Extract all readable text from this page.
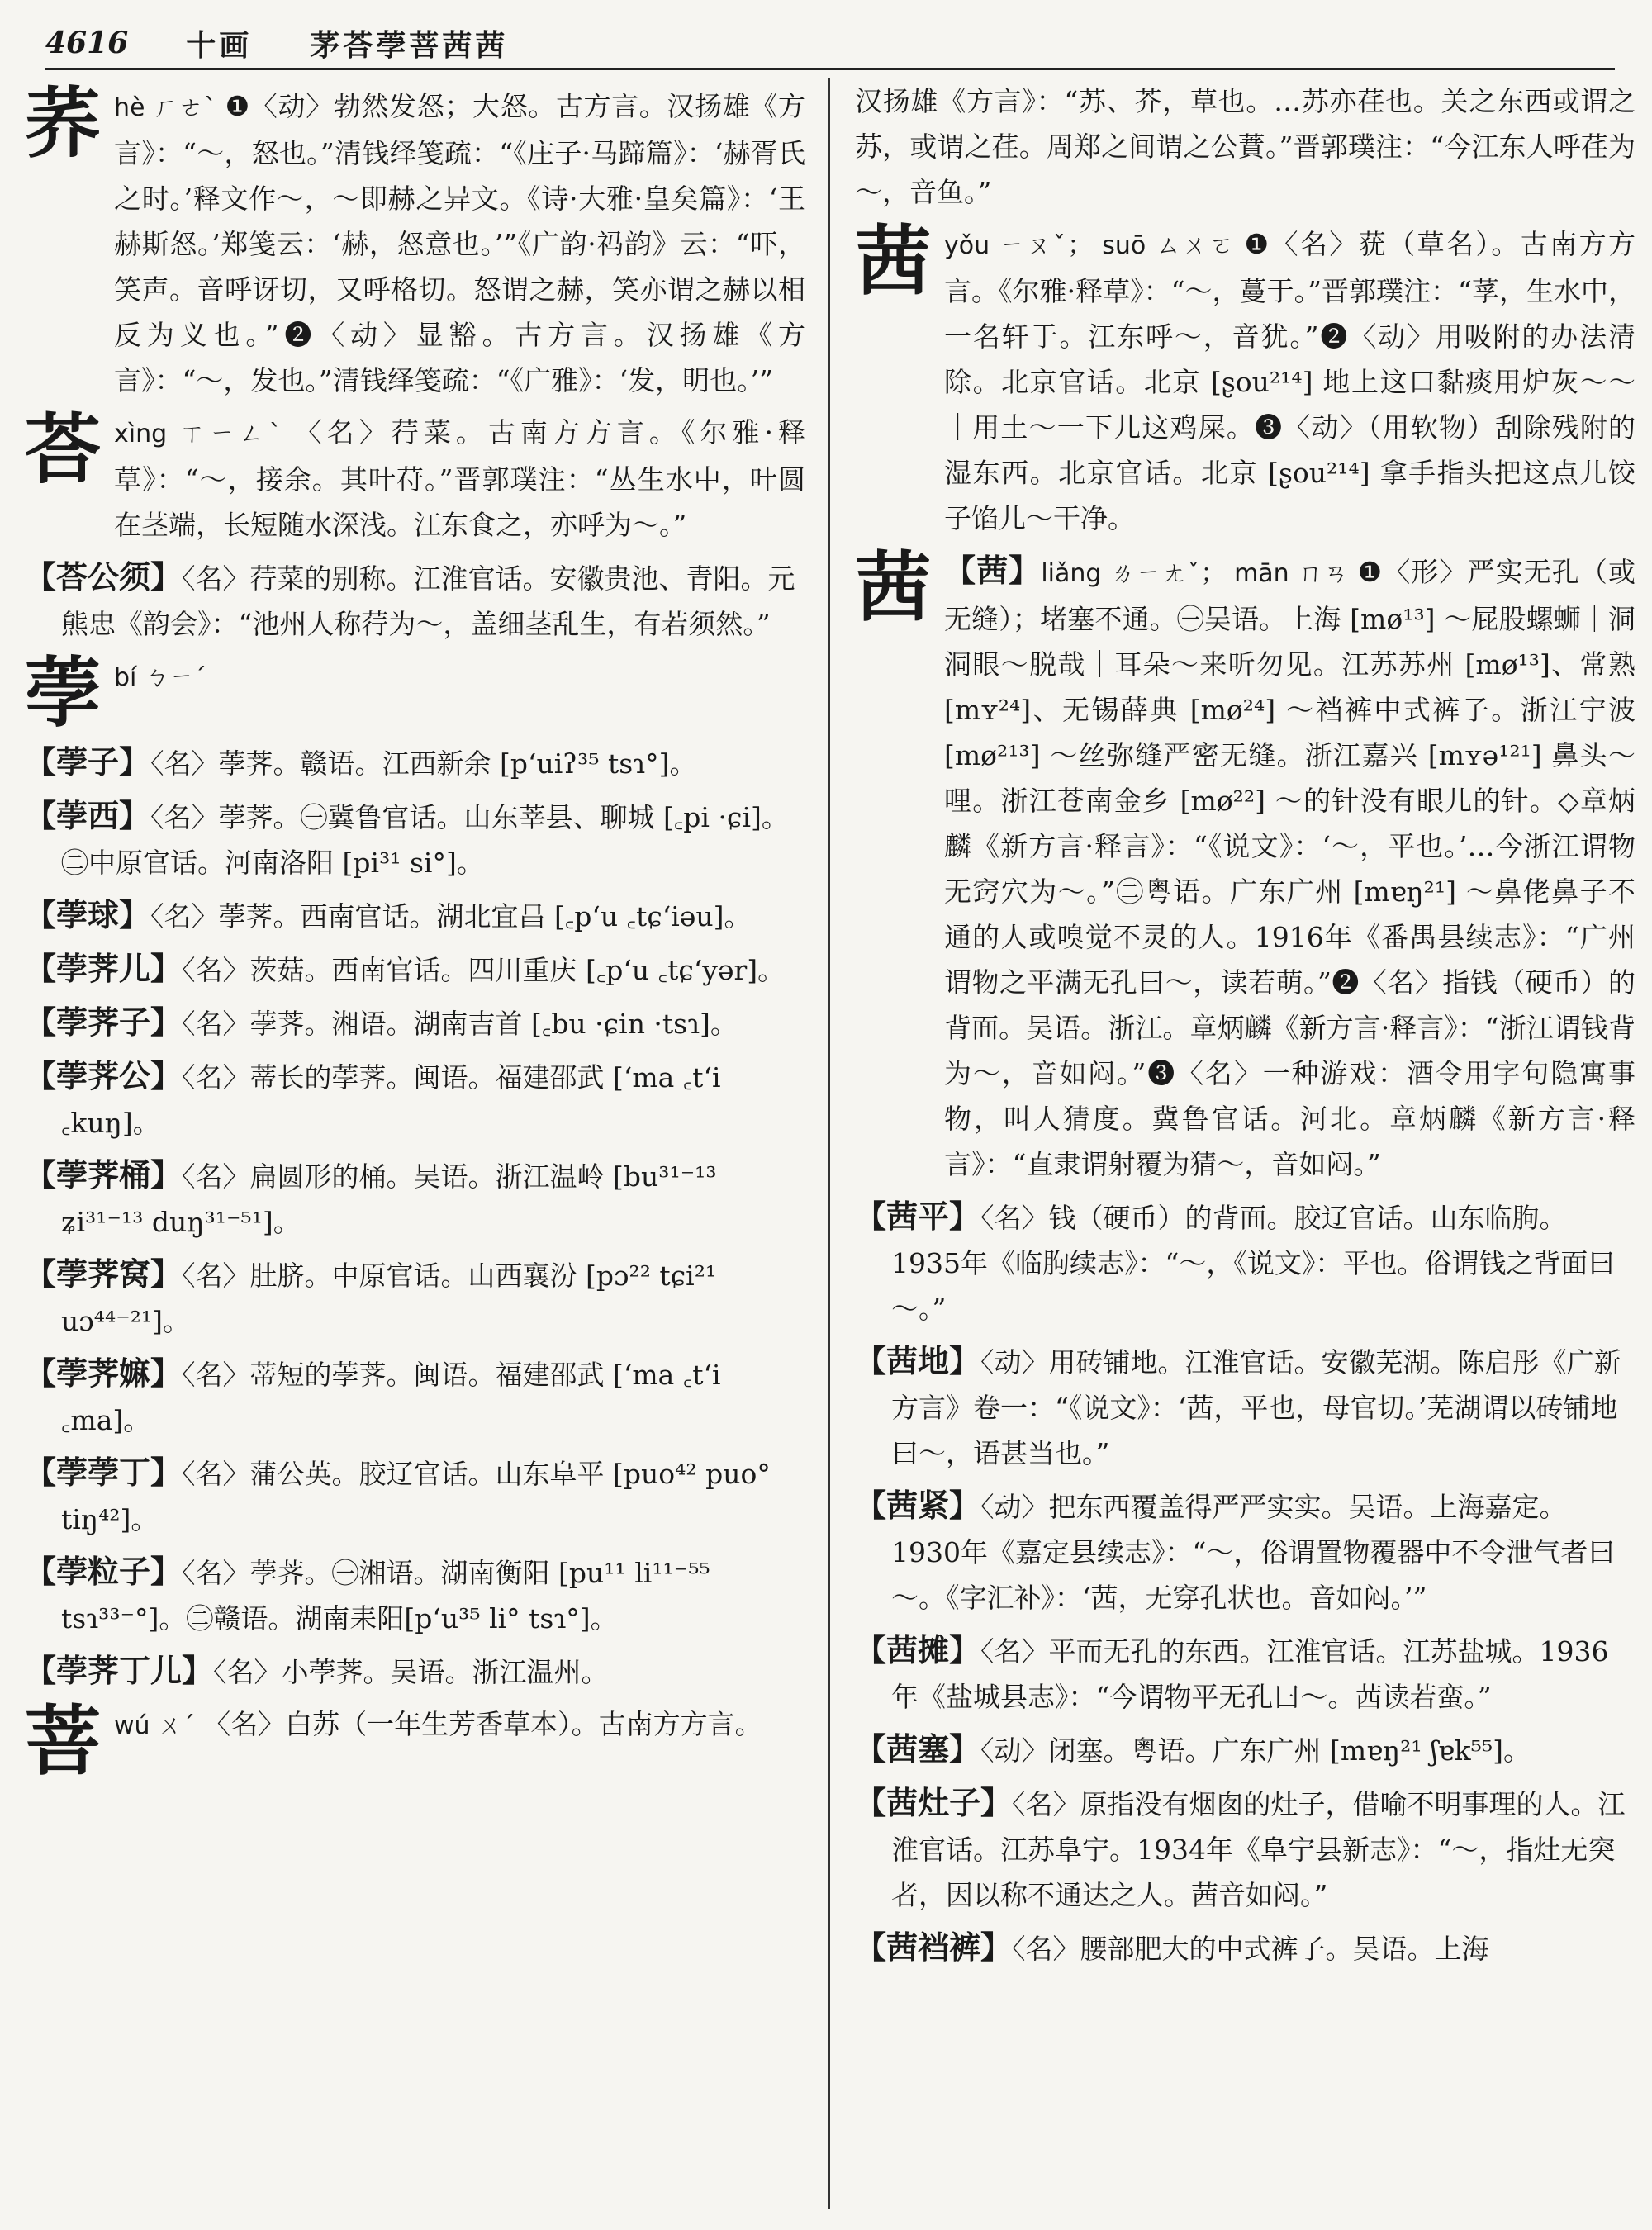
4616 十画 茅荅荸菩茜茜
荞 hè ㄏㄜˋ ❶〈动〉勃然发怒；大怒。古方言。汉扬雄《方言》：“～，怒也。”清钱绎笺疏：“《庄子·马蹄篇》：‘赫胥氏之时。’释文作～，～即赫之异文。《诗·大雅·皇矣篇》：‘王赫斯怒。’郑笺云：‘赫，怒意也。’”《广韵·祃韵》云：“吓，笑声。音呼讶切，又呼格切。怒谓之赫，笑亦谓之赫以相反为义也。”❷〈动〉显豁。古方言。汉扬雄《方言》：“～，发也。”清钱绎笺疏：“《广雅》：‘发，明也。’”
荅 xìng ㄒㄧㄥˋ 〈名〉荇菜。古南方方言。《尔雅·释草》：“～，接余。其叶苻。”晋郭璞注：“丛生水中，叶圆在茎端，长短随水深浅。江东食之，亦呼为～。”
【荅公须】〈名〉荇菜的别称。江淮官话。安徽贵池、青阳。元熊忠《韵会》：“池州人称荇为～，盖细茎乱生，有若须然。”
荸 bí ㄅㄧˊ
【荸子】〈名〉荸荠。赣语。江西新余 [p‘uiʔ³⁵ tsɿ°]。
【荸西】〈名〉荸荠。㊀冀鲁官话。山东莘县、聊城 [꜀pi ·ɕi]。㊁中原官话。河南洛阳 [pi³¹ si°]。
【荸球】〈名〉荸荠。西南官话。湖北宜昌 [꜀p‘u ꜀tɕ‘iəu]。
【荸荠儿】〈名〉茨菇。西南官话。四川重庆 [꜀p‘u ꜀tɕ‘yər]。
【荸荠子】〈名〉荸荠。湘语。湖南吉首 [꜀bu ·ɕin ·tsɿ]。
【荸荠公】〈名〉蒂长的荸荠。闽语。福建邵武 [‘ma ꜀t‘i ꜀kuŋ]。
【荸荠桶】〈名〉扁圆形的桶。吴语。浙江温岭 [bu³¹⁻¹³ ʑi³¹⁻¹³ duŋ³¹⁻⁵¹]。
【荸荠窝】〈名〉肚脐。中原官话。山西襄汾 [pɔ²² tɕi²¹ uɔ⁴⁴⁻²¹]。
【荸荠嫲】〈名〉蒂短的荸荠。闽语。福建邵武 [‘ma ꜀t‘i ꜀ma]。
【荸荸丁】〈名〉蒲公英。胶辽官话。山东阜平 [puo⁴² puo° tiŋ⁴²]。
【荸粒子】〈名〉荸荠。㊀湘语。湖南衡阳 [pu¹¹ li¹¹⁻⁵⁵ tsɿ³³⁻°]。㊁赣语。湖南耒阳[p‘u³⁵ li° tsɿ°]。
【荸荠丁儿】〈名〉小荸荠。吴语。浙江温州。
菩 wú ㄨˊ 〈名〉白苏（一年生芳香草本）。古南方方言。
汉扬雄《方言》：“苏、芥，草也。…苏亦荏也。关之东西或谓之苏，或谓之荏。周郑之间谓之公蕡。”晋郭璞注：“今江东人呼荏为～，音鱼。”
茜 yǒu ㄧㄡˇ； suō ㄙㄨㄛ ❶〈名〉莸（草名）。古南方方言。《尔雅·释草》：“～，蔓于。”晋郭璞注：“莩，生水中，一名轩于。江东呼～，音犹。”❷〈动〉用吸附的办法清除。北京官话。北京 [ʂou²¹⁴] 地上这口黏痰用炉灰～～｜用土～一下儿这鸡屎。❸〈动〉（用软物）刮除残附的湿东西。北京官话。北京 [ʂou²¹⁴] 拿手指头把这点儿饺子馅儿～干净。
茜 【茜】liǎng ㄌㄧㄤˇ； mān ㄇㄢ ❶〈形〉严实无孔（或无缝）；堵塞不通。㊀吴语。上海 [mø¹³] ～屁股螺蛳｜洞洞眼～脱哉｜耳朵～来听勿见。江苏苏州 [mø¹³]、常熟 [mʏ²⁴]、无锡薛典 [mø²⁴] ～裆裤中式裤子。浙江宁波 [mø²¹³] ～丝弥缝严密无缝。浙江嘉兴 [mʏə¹²¹] 鼻头～哩。浙江苍南金乡 [mø²²] ～的针没有眼儿的针。◇章炳麟《新方言·释言》：“《说文》：‘～，平也。’…今浙江谓物无窍穴为～。”㊁粤语。广东广州 [mɐŋ²¹] ～鼻佬鼻子不通的人或嗅觉不灵的人。1916年《番禺县续志》：“广州谓物之平满无孔曰～，读若萌。”❷〈名〉指钱（硬币）的背面。吴语。浙江。章炳麟《新方言·释言》：“浙江谓钱背为～，音如闷。”❸〈名〉一种游戏：酒令用字句隐寓事物，叫人猜度。冀鲁官话。河北。章炳麟《新方言·释言》：“直隶谓射覆为猜～，音如闷。”
【茜平】〈名〉钱（硬币）的背面。胶辽官话。山东临朐。1935年《临朐续志》：“～，《说文》：平也。俗谓钱之背面曰～。”
【茜地】〈动〉用砖铺地。江淮官话。安徽芜湖。陈启彤《广新方言》卷一：“《说文》：‘茜，平也，母官切。’芜湖谓以砖铺地曰～，语甚当也。”
【茜紧】〈动〉把东西覆盖得严严实实。吴语。上海嘉定。1930年《嘉定县续志》：“～，俗谓置物覆器中不令泄气者曰～。《字汇补》：‘茜，无穿孔状也。音如闷。’”
【茜摊】〈名〉平而无孔的东西。江淮官话。江苏盐城。1936年《盐城县志》：“今谓物平无孔曰～。茜读若蛮。”
【茜塞】〈动〉闭塞。粤语。广东广州 [mɐŋ²¹ ʃɐk⁵⁵]。
【茜灶子】〈名〉原指没有烟囱的灶子，借喻不明事理的人。江淮官话。江苏阜宁。1934年《阜宁县新志》：“～，指灶无突者，因以称不通达之人。茜音如闷。”
【茜裆裤】〈名〉腰部肥大的中式裤子。吴语。上海
